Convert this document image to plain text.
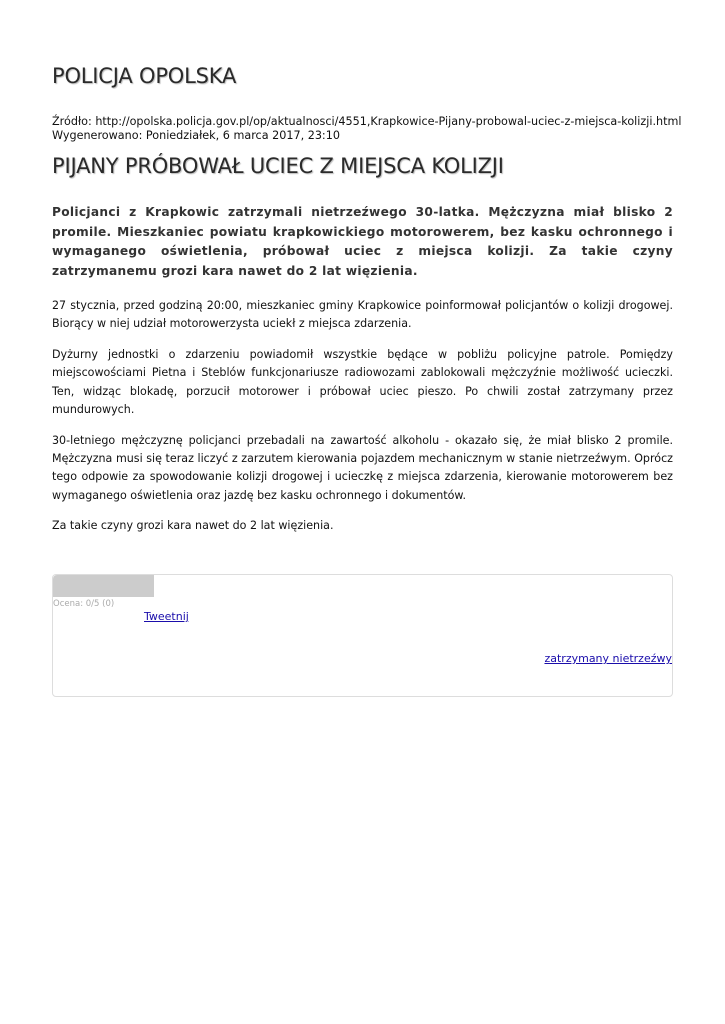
POLICJA OPOLSKA
Źródło: http://opolska.policja.gov.pl/op/aktualnosci/4551,Krapkowice-Pijany-probowal-uciec-z-miejsca-kolizji.html
Wygenerowano: Poniedziałek, 6 marca 2017, 23:10
PIJANY PRÓBOWAŁ UCIEC Z MIEJSCA KOLIZJI

Policjanci z Krapkowic zatrzymali nietrzeźwego 30-latka. Mężczyzna miał blisko 2 promile. Mieszkaniec powiatu krapkowickiego motorowerem, bez kasku ochronnego i wymaganego oświetlenia, próbował uciec z miejsca kolizji. Za takie czyny zatrzymanemu grozi kara nawet do 2 lat więzienia.

27 stycznia, przed godziną 20:00, mieszkaniec gminy Krapkowice poinformował policjantów o kolizji drogowej. Biorący w niej udział motorowerzysta uciekł z miejsca zdarzenia.

Dyżurny jednostki o zdarzeniu powiadomił wszystkie będące w pobliżu policyjne patrole. Pomiędzy miejscowościami Pietna i Steblów funkcjonariusze radiowozami zablokowali mężczyźnie możliwość ucieczki. Ten, widząc blokadę, porzucił motorower i próbował uciec pieszo. Po chwili został zatrzymany przez mundurowych.

30-letniego mężczyznę policjanci przebadali na zawartość alkoholu - okazało się, że miał blisko 2 promile. Mężczyzna musi się teraz liczyć z zarzutem kierowania pojazdem mechanicznym w stanie nietrzeźwym. Oprócz tego odpowie za spowodowanie kolizji drogowej i ucieczkę z miejsca zdarzenia, kierowanie motorowerem bez wymaganego oświetlenia oraz jazdę bez kasku ochronnego i dokumentów.

Za takie czyny grozi kara nawet do 2 lat więzienia.

Ocena: 0/5 (0)
Tweetnij
zatrzymany nietrzeźwy
